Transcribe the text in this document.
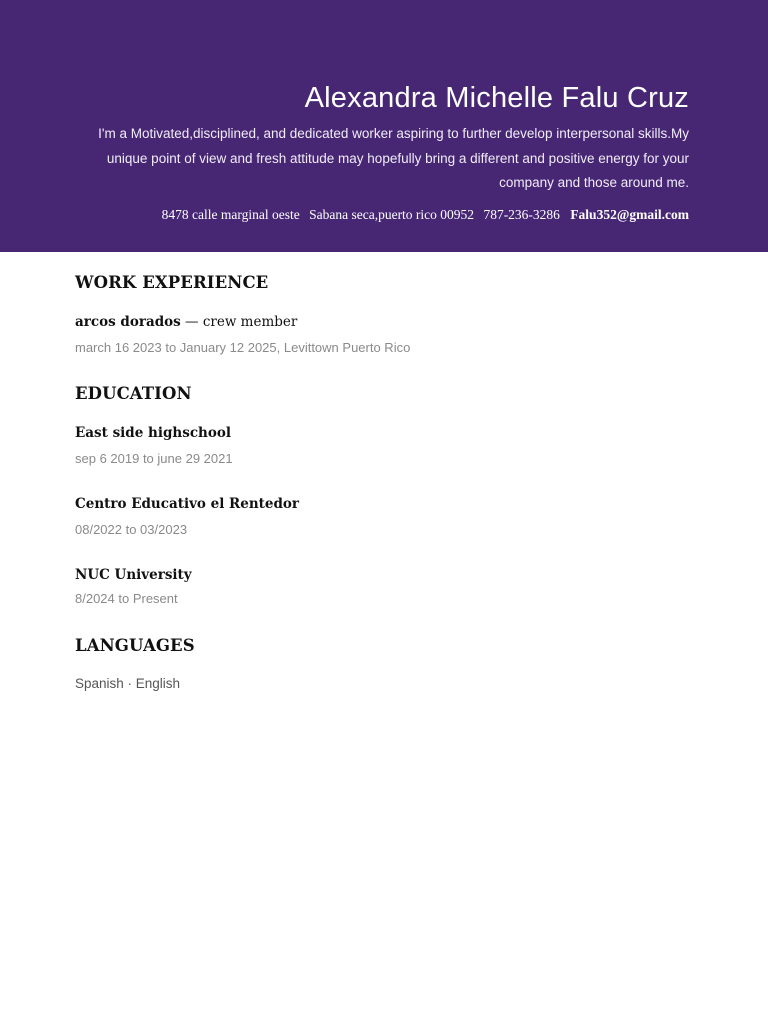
Alexandra Michelle Falu Cruz

I'm a Motivated,disciplined, and dedicated worker aspiring to further develop interpersonal skills.My
unique point of view and fresh attitude may hopefully bring a different and positive energy for your
company and those around me.

8478 calle marginal oeste Sabana seca,puerto rico 00952 787-236-3286 Falu352@gmail.com
WORK EXPERIENCE

arcos dorados — crew member

march 16 2023 to January 12 2025, Levittown Puerto Rico

EDUCATION

East side highschool

sep 6 2019 to june 29 2021

Centro Educativo el Rentedor

08/2022 to 03/2023

NUC University

8/2024 to Present

LANGUAGES

Spanish · English
